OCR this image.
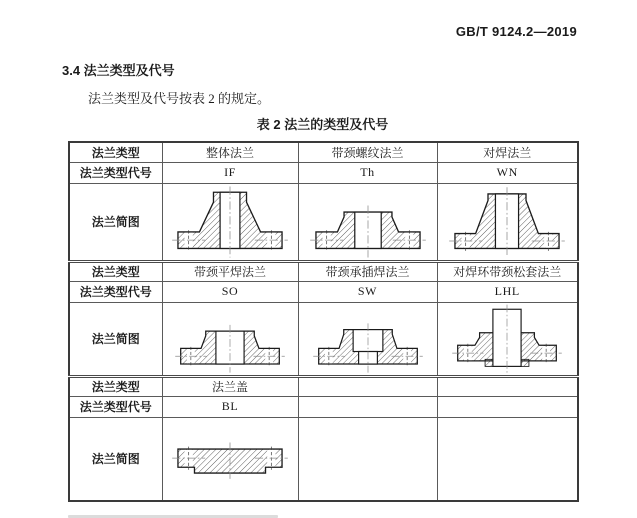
GB/T 9124.2—2019
3.4 法兰类型及代号
法兰类型及代号按表 2 的规定。
表 2 法兰的类型及代号
法兰类型	整体法兰	带颈螺纹法兰	对焊法兰
法兰类型代号	IF	Th	WN
法兰简图	

法兰类型	带颈平焊法兰	带颈承插焊法兰	对焊环带颈松套法兰
法兰类型代号	SO	SW	LHL
法兰简图	

法兰类型	法兰盖		
法兰类型代号	BL		
法兰简图	
